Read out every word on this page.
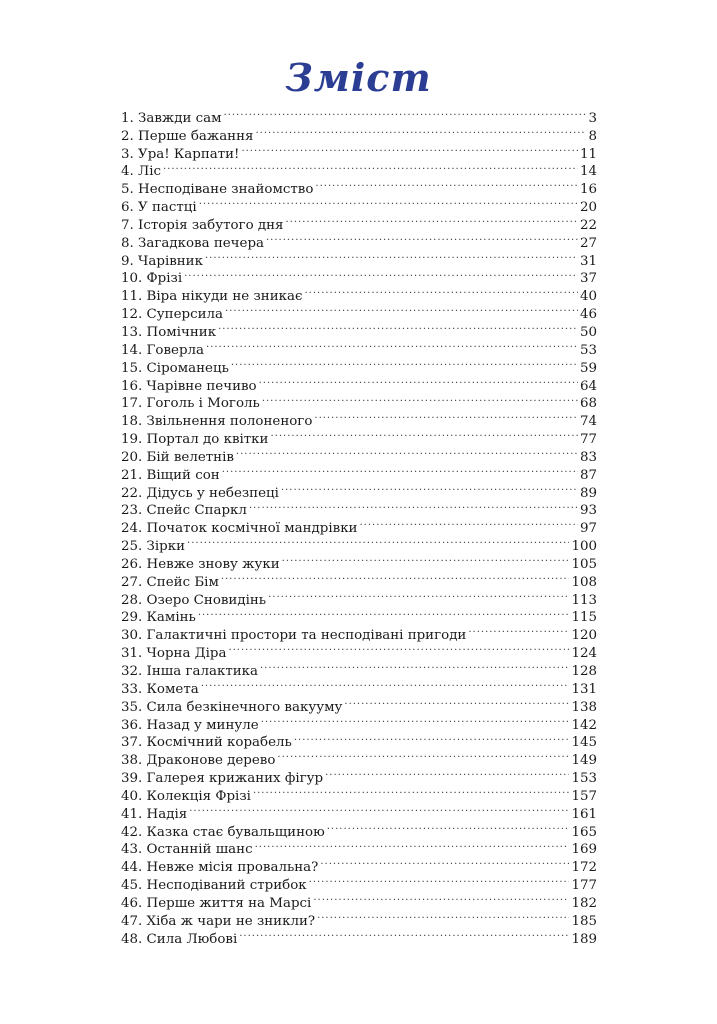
Зміст
1. Завжди сам .....	3
2. Перше бажання .....	8
3. Ура! Карпати! .....	11
4. Ліс .....	14
5. Несподіване знайомство .....	16
6. У пастці .....	20
7. Історія забутого дня .....	22
8. Загадкова печера .....	27
9. Чарівник .....	31
10. Фрізі .....	37
11. Віра нікуди не зникає .....	40
12. Суперсила .....	46
13. Помічник .....	50
14. Говерла .....	53
15. Сіроманець .....	59
16. Чарівне печиво .....	64
17. Гоголь і Моголь .....	68
18. Звільнення полоненого .....	74
19. Портал до квітки .....	77
20. Бій велетнів .....	83
21. Віщий сон .....	87
22. Дідусь у небезпеці .....	89
23. Спейс Спаркл .....	93
24. Початок космічної мандрівки .....	97
25. Зірки .....	100
26. Невже знову жуки .....	105
27. Спейс Бім .....	108
28. Озеро Сновидінь .....	113
29. Камінь .....	115
30. Галактичні простори та несподівані пригоди .....	120
31. Чорна Діра .....	124
32. Інша галактика .....	128
33. Комета .....	131
35. Сила безкінечного вакууму .....	138
36. Назад у минуле .....	142
37. Космічний корабель .....	145
38. Драконове дерево .....	149
39. Галерея крижаних фігур .....	153
40. Колекція Фрізі .....	157
41. Надія .....	161
42. Казка стає бувальщиною .....	165
43. Останній шанс .....	169
44. Невже місія провальна? .....	172
45. Несподіваний стрибок .....	177
46. Перше життя на Марсі .....	182
47. Хіба ж чари не зникли? .....	185
48. Сила Любові .....	189
